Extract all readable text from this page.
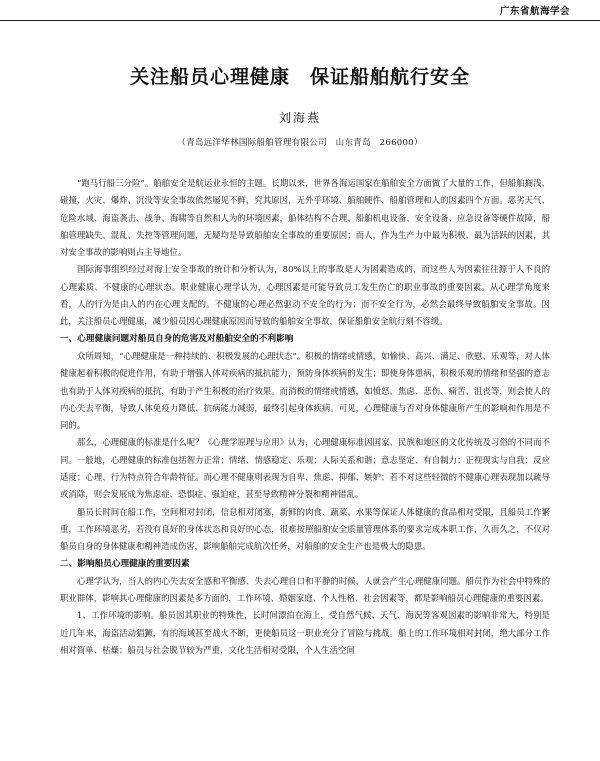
广东省航海学会
关注船员心理健康　保证船舶航行安全
刘海燕
（青岛远洋华林国际船舶管理有限公司　山东青岛　266000）

“跑马行船三分险”。船舶安全是航运业永恒的主题。长期以来，世界各海运国家在船舶安全方面做了大量的工作，但船舶搁浅、碰撞、火灾、爆炸、沉没等安全事故依然屡见不鲜，究其原因，无外乎环境、船舶硬件、船舶管理和人的因素四个方面。恶劣天气、危险水域、海盗袭击、战争、海啸等自然和人为的环境因素，船体结构不合理、船舶机电设备、安全设备、应急设备等硬件故障，船舶管理缺失、混乱、失控等管理问题，无疑均是导致船舶安全事故的重要原因；而人，作为生产力中最为积极、最为活跃的因素，其对安全事故的影响则占主导地位。

国际海事组织经过对海上安全事故的统计和分析认为，80%以上的事故是人为因素造成的，而这些人为因素往往源于人不良的心理素质、不健康的心理状态。职业健康心理学认为，心理因素是可能导致员工发生伤亡的职业事故的重要因素。从心理学角度来看，人的行为是由人的内在心理支配的。不健康的心理必然驱动不安全的行为；而不安全行为，必然会最终导致船舶安全事故。因此，关注船员心理健康，减少船员因心理健康原因而导致的船舶安全事故，保证船舶安全航行刻不容缓。

一、心理健康问题对船员自身的危害及对船舶安全的不利影响

众所周知，“心理健康是一种持续的、积极发展的心理状态”。积极的情绪或情感，如愉快、高兴、满足、欣慰、乐观等，对人体健康起着积极的促进作用，有助于增强人体对疾病的抵抗能力，预防身体疾病的发生；即使身体患病，积极乐观的情绪和坚强的意志也有助于人体对疾病的抵抗，有助于产生积极的治疗效果。而消极的情绪或情感，如愤怒、焦虑、悲伤、痛苦、沮丧等，则会使人的内心失去平衡，导致人体免疫力降低、抗病能力减弱，最终引起身体疾病。可见，心理健康与否对身体健康所产生的影响和作用是不同的。

那么，心理健康的标准是什么呢？《心理学原理与应用》认为，心理健康标准因国家、民族和地区的文化传统及习俗的不同而不同。一般地，心理健康的标准包括智力正常；情绪、情感稳定、乐观；人际关系和谐；意志坚定、有自制力；正视现实与自我；反应适度；心理、行为特点符合年龄特征。而心理不健康则表现为自卑、焦虑、抑郁、嫉妒；若不对这些轻微的不健康心理表现加以疏导或消除，则会发展成为焦虑症、恐惧症、强迫症，甚至导致精神分裂和精神错乱。

船员长时间在船工作，空间相对封闭，信息相对闭塞，新鲜的肉食、蔬菜、水果等保证人体健康的食品相对受限，且船员工作繁重，工作环境恶劣，若没有良好的身体状态和良好的心态，很难按照船舶安全质量管理体系的要求完成本职工作，久而久之，不仅对船员自身的身体健康和精神造成伤害，影响船舶完成航次任务，对船舶的安全生产也是极大的隐患。

二、影响船员心理健康的重要因素

心理学认为，当人的内心失去安全感和平衡感、失去心理自口和平静的时候，人就会产生心理健康问题。船员作为社会中特殊的职业群体，影响其心理健康的因素是多方面的，工作环境、婚姻家庭、个人性格、社会因素等，都是影响船员心理健康的重要因素。

1、工作环境的影响。船员因其职业的特殊性，长时间漂泊在海上，受自然气候、天气、海况等客观因素的影响非常大，特别是近几年来，海盗活动猖獗，有的海域甚至战火不断，更使船员这一职业充分了冒险与挑战。船上的工作环境相对封闭，绝大部分工作相对简单、枯燥；船员与社会脱节较为严重，文化生活相对受限，个人生活空间
